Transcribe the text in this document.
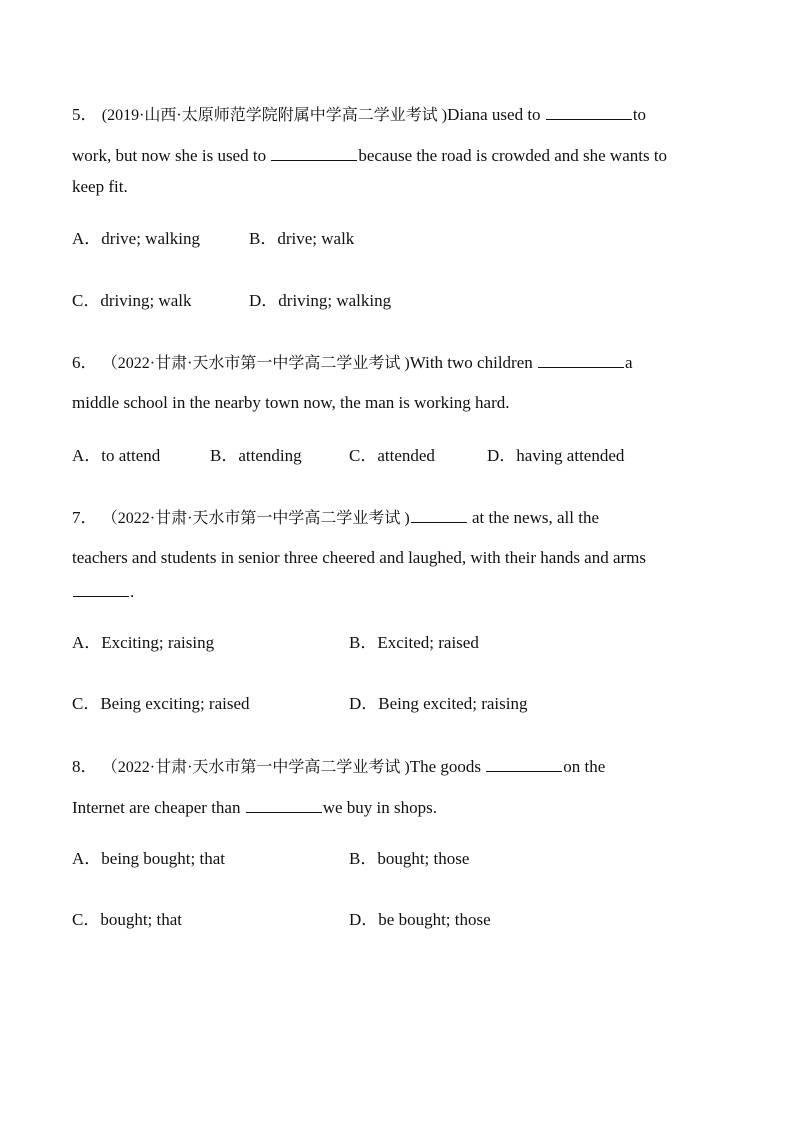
5． (2019·山西·太原师范学院附属中学高二学业考试 )Diana used to	to
work, but now she is used to	because the road is crowded and she wants to
keep fit.
A．drive; walking	B．drive; walk
C．driving; walk	D．driving; walking
6． （2022·甘肃·天水市第一中学高二学业考试 )With two children	a
middle school in the nearby town now, the man is working hard.
A．to attend	B．attending	C．attended	D．having attended
7． （2022·甘肃·天水市第一中学高二学业考试 )	at the news, all the
teachers and students in senior three cheered and laughed, with their hands and arms
.
A．Exciting; raising	B．Excited; raised
C．Being exciting; raised	D．Being excited; raising
8． （2022·甘肃·天水市第一中学高二学业考试 )The goods	on the
Internet are cheaper than	we buy in shops.
A．being bought; that	B．bought; those
C．bought; that	D．be bought; those
